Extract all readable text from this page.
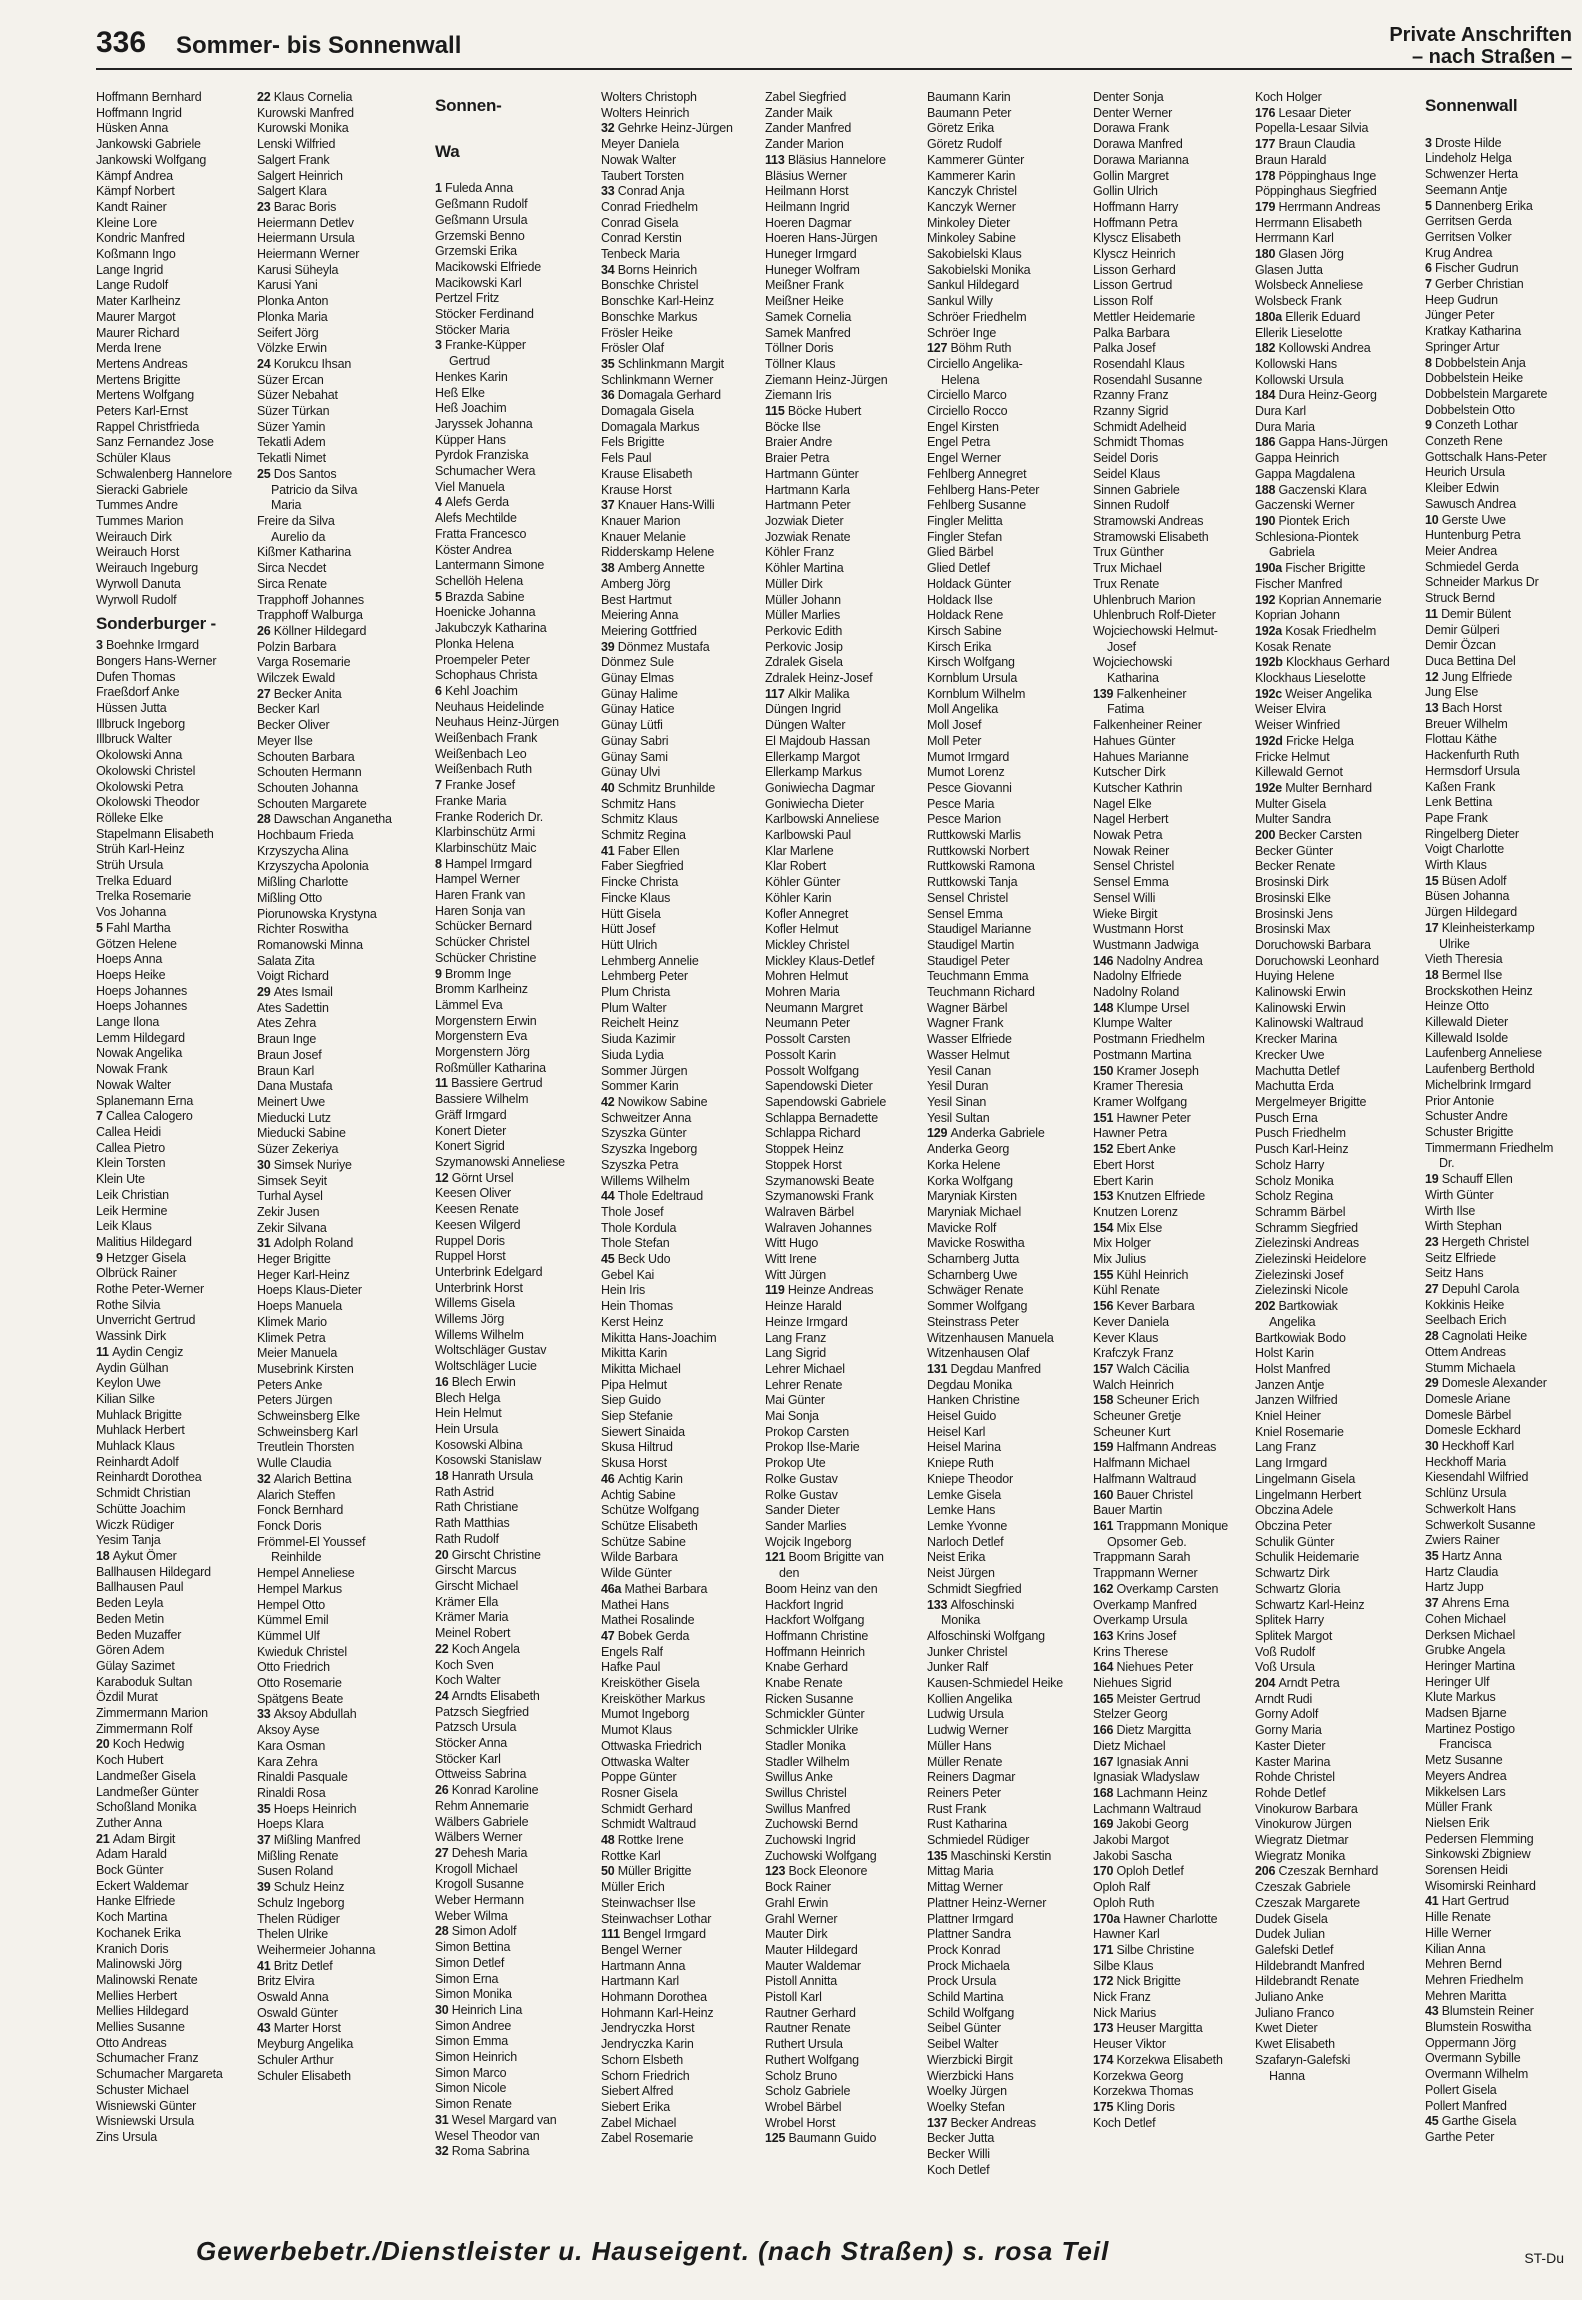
336 Sommer- bis Sonnenwall	Private Anschriften
– nach Straßen –
Hoffmann Bernhard
Hoffmann Ingrid
Hüsken Anna
Jankowski Gabriele
Jankowski Wolfgang
Kämpf Andrea
Kämpf Norbert
Kandt Rainer
Kleine Lore
Kondric Manfred
Koßmann Ingo
Lange Ingrid
Lange Rudolf
Mater Karlheinz
Maurer Margot
Maurer Richard
Merda Irene
Mertens Andreas
Mertens Brigitte
Mertens Wolfgang
Peters Karl-Ernst
Rappel Christfrieda
Sanz Fernandez Jose
Schüler Klaus
Schwalenberg Hannelore
Sieracki Gabriele
Tummes Andre
Tummes Marion
Weirauch Dirk
Weirauch Horst
Weirauch Ingeburg
Wyrwoll Danuta
Wyrwoll Rudolf
Sonderburger -
3 Boehnke Irmgard
Bongers Hans-Werner
Dufen Thomas
Fraeßdorf Anke
Hüssen Jutta
Illbruck Ingeborg
Illbruck Walter
Okolowski Anna
Okolowski Christel
Okolowski Petra
Okolowski Theodor
Rölleke Elke
Stapelmann Elisabeth
Strüh Karl-Heinz
Strüh Ursula
Trelka Eduard
Trelka Rosemarie
Vos Johanna
5 Fahl Martha
Götzen Helene
Hoeps Anna
Hoeps Heike
Hoeps Johannes
Hoeps Johannes
Lange Ilona
Lemm Hildegard
Nowak Angelika
Nowak Frank
Nowak Walter
Splanemann Erna
7 Callea Calogero
Callea Heidi
Callea Pietro
Klein Torsten
Klein Ute
Leik Christian
Leik Hermine
Leik Klaus
Malitius Hildegard
9 Hetzger Gisela
Olbrück Rainer
Rothe Peter-Werner
Rothe Silvia
Unverricht Gertrud
Wassink Dirk
11 Aydin Cengiz
Aydin Gülhan
Keylon Uwe
Kilian Silke
Muhlack Brigitte
Muhlack Herbert
Muhlack Klaus
Reinhardt Adolf
Reinhardt Dorothea
Schmidt Christian
Schütte Joachim
Wiczk Rüdiger
Yesim Tanja
18 Aykut Ömer
Ballhausen Hildegard
Ballhausen Paul
Beden Leyla
Beden Metin
Beden Muzaffer
Gören Adem
Gülay Sazimet
Karaboduk Sultan
Özdil Murat
Zimmermann Marion
Zimmermann Rolf
20 Koch Hedwig
Koch Hubert
Landmeßer Gisela
Landmeßer Günter
Schoßland Monika
Zuther Anna
21 Adam Birgit
Adam Harald
Bock Günter
Eckert Waldemar
Hanke Elfriede
Koch Martina
Kochanek Erika
Kranich Doris
Malinowski Jörg
Malinowski Renate
Mellies Herbert
Mellies Hildegard
Mellies Susanne
Otto Andreas
Schumacher Franz
Schumacher Margareta
Schuster Michael
Wisniewski Günter
Wisniewski Ursula
Zins Ursula
22 Klaus Cornelia
Kurowski Manfred
Kurowski Monika
Lenski Wilfried
Salgert Frank
Salgert Heinrich
Salgert Klara
23 Barac Boris
Heiermann Detlev
Heiermann Ursula
Heiermann Werner
Karusi Süheyla
Karusi Yani
Plonka Anton
Plonka Maria
Seifert Jörg
Völzke Erwin
24 Korukcu Ihsan
Süzer Ercan
Süzer Nebahat
Süzer Türkan
Süzer Yamin
Tekatli Adem
Tekatli Nimet
25 Dos Santos
Patricio da Silva
Maria
Freire da Silva
Aurelio da
Kißmer Katharina
Sirca Necdet
Sirca Renate
Trapphoff Johannes
Trapphoff Walburga
26 Köllner Hildegard
Polzin Barbara
Varga Rosemarie
Wilczek Ewald
27 Becker Anita
Becker Karl
Becker Oliver
Meyer Ilse
Schouten Barbara
Schouten Hermann
Schouten Johanna
Schouten Margarete
28 Dawschan Anganetha
Hochbaum Frieda
Krzyszycha Alina
Krzyszycha Apolonia
Mißling Charlotte
Mißling Otto
Piorunowska Krystyna
Richter Roswitha
Romanowski Minna
Salata Zita
Voigt Richard
29 Ates Ismail
Ates Sadettin
Ates Zehra
Braun Inge
Braun Josef
Braun Karl
Dana Mustafa
Meinert Uwe
Mieducki Lutz
Mieducki Sabine
Süzer Zekeriya
30 Simsek Nuriye
Simsek Seyit
Turhal Aysel
Zekir Jusen
Zekir Silvana
31 Adolph Roland
Heger Brigitte
Heger Karl-Heinz
Hoeps Klaus-Dieter
Hoeps Manuela
Klimek Mario
Klimek Petra
Meier Manuela
Musebrink Kirsten
Peters Anke
Peters Jürgen
Schweinsberg Elke
Schweinsberg Karl
Treutlein Thorsten
Wulle Claudia
32 Alarich Bettina
Alarich Steffen
Fonck Bernhard
Fonck Doris
Frömmel-El Youssef
Reinhilde
Hempel Anneliese
Hempel Markus
Hempel Otto
Kümmel Emil
Kümmel Ulf
Kwieduk Christel
Otto Friedrich
Otto Rosemarie
Spätgens Beate
33 Aksoy Abdullah
Aksoy Ayse
Kara Osman
Kara Zehra
Rinaldi Pasquale
Rinaldi Rosa
35 Hoeps Heinrich
Hoeps Klara
37 Mißling Manfred
Mißling Renate
Susen Roland
39 Schulz Heinz
Schulz Ingeborg
Thelen Rüdiger
Thelen Ulrike
Weihermeier Johanna
41 Britz Detlef
Britz Elvira
Oswald Anna
Oswald Günter
43 Marter Horst
Meyburg Angelika
Schuler Arthur
Schuler Elisabeth
Sonnen-

Wa

1 Fuleda Anna
Geßmann Rudolf
Geßmann Ursula
Grzemski Benno
Grzemski Erika
Macikowski Elfriede
Macikowski Karl
Pertzel Fritz
Stöcker Ferdinand
Stöcker Maria
3 Franke-Küpper
Gertrud
Henkes Karin
Heß Elke
Heß Joachim
Jaryssek Johanna
Küpper Hans
Pyrdok Franziska
Schumacher Wera
Viel Manuela
4 Alefs Gerda
Alefs Mechtilde
Fratta Francesco
Köster Andrea
Lantermann Simone
Schellöh Helena
5 Brazda Sabine
Hoenicke Johanna
Jakubczyk Katharina
Plonka Helena
Proempeler Peter
Schophaus Christa
6 Kehl Joachim
Neuhaus Heidelinde
Neuhaus Heinz-Jürgen
Weißenbach Frank
Weißenbach Leo
Weißenbach Ruth
7 Franke Josef
Franke Maria
Franke Roderich Dr.
Klarbinschütz Armi
Klarbinschütz Maic
8 Hampel Irmgard
Hampel Werner
Haren Frank van
Haren Sonja van
Schücker Bernard
Schücker Christel
Schücker Christine
9 Bromm Inge
Bromm Karlheinz
Lämmel Eva
Morgenstern Erwin
Morgenstern Eva
Morgenstern Jörg
Roßmüller Katharina
11 Bassiere Gertrud
Bassiere Wilhelm
Gräff Irmgard
Konert Dieter
Konert Sigrid
Szymanowski Anneliese
12 Görnt Ursel
Keesen Oliver
Keesen Renate
Keesen Wilgerd
Ruppel Doris
Ruppel Horst
Unterbrink Edelgard
Unterbrink Horst
Willems Gisela
Willems Jörg
Willems Wilhelm
Woltschläger Gustav
Woltschläger Lucie
16 Blech Erwin
Blech Helga
Hein Helmut
Hein Ursula
Kosowski Albina
Kosowski Stanislaw
18 Hanrath Ursula
Rath Astrid
Rath Christiane
Rath Matthias
Rath Rudolf
20 Girscht Christine
Girscht Marcus
Girscht Michael
Krämer Ella
Krämer Maria
Meinel Robert
22 Koch Angela
Koch Sven
Koch Walter
24 Arndts Elisabeth
Patzsch Siegfried
Patzsch Ursula
Stöcker Anna
Stöcker Karl
Ottweiss Sabrina
26 Konrad Karoline
Rehm Annemarie
Wälbers Gabriele
Wälbers Werner
27 Dehesh Maria
Krogoll Michael
Krogoll Susanne
Weber Hermann
Weber Wilma
28 Simon Adolf
Simon Bettina
Simon Detlef
Simon Erna
Simon Monika
30 Heinrich Lina
Simon Andree
Simon Emma
Simon Heinrich
Simon Marco
Simon Nicole
Simon Renate
31 Wesel Margard van
Wesel Theodor van
32 Roma Sabrina
Wolters Christoph
Wolters Heinrich
32 Gehrke Heinz-Jürgen
Meyer Daniela
Nowak Walter
Taubert Torsten
33 Conrad Anja
Conrad Friedhelm
Conrad Gisela
Conrad Kerstin
Tenbeck Maria
34 Borns Heinrich
Bonschke Christel
Bonschke Karl-Heinz
Bonschke Markus
Frösler Heike
Frösler Olaf
35 Schlinkmann Margit
Schlinkmann Werner
36 Domagala Gerhard
Domagala Gisela
Domagala Markus
Fels Brigitte
Fels Paul
Krause Elisabeth
Krause Horst
37 Knauer Hans-Willi
Knauer Marion
Knauer Melanie
Ridderskamp Helene
38 Amberg Annette
Amberg Jörg
Best Hartmut
Meiering Anna
Meiering Gottfried
39 Dönmez Mustafa
Dönmez Sule
Günay Elmas
Günay Halime
Günay Hatice
Günay Lütfi
Günay Sabri
Günay Sami
Günay Ulvi
40 Schmitz Brunhilde
Schmitz Hans
Schmitz Klaus
Schmitz Regina
41 Faber Ellen
Faber Siegfried
Fincke Christa
Fincke Klaus
Hütt Gisela
Hütt Josef
Hütt Ulrich
Lehmberg Annelie
Lehmberg Peter
Plum Christa
Plum Walter
Reichelt Heinz
Siuda Kazimir
Siuda Lydia
Sommer Jürgen
Sommer Karin
42 Nowikow Sabine
Schweitzer Anna
Szyszka Günter
Szyszka Ingeborg
Szyszka Petra
Willems Wilhelm
44 Thole Edeltraud
Thole Josef
Thole Kordula
Thole Stefan
45 Beck Udo
Gebel Kai
Hein Iris
Hein Thomas
Kerst Heinz
Mikitta Hans-Joachim
Mikitta Karin
Mikitta Michael
Pipa Helmut
Siep Guido
Siep Stefanie
Siewert Sinaida
Skusa Hiltrud
Skusa Horst
46 Achtig Karin
Achtig Sabine
Schütze Wolfgang
Schütze Elisabeth
Schütze Sabine
Wilde Barbara
Wilde Günter
46a Mathei Barbara
Mathei Hans
Mathei Rosalinde
47 Bobek Gerda
Engels Ralf
Hafke Paul
Kreisköther Gisela
Kreisköther Markus
Mumot Ingeborg
Mumot Klaus
Ottwaska Friedrich
Ottwaska Walter
Poppe Günter
Rosner Gisela
Schmidt Gerhard
Schmidt Waltraud
48 Rottke Irene
Rottke Karl
50 Müller Brigitte
Müller Erich
Steinwachser Ilse
Steinwachser Lothar
111 Bengel Irmgard
Bengel Werner
Hartmann Anna
Hartmann Karl
Hohmann Dorothea
Hohmann Karl-Heinz
Jendryczka Horst
Jendryczka Karin
Schorn Elsbeth
Schorn Friedrich
Siebert Alfred
Siebert Erika
Zabel Michael
Zabel Rosemarie
Zabel Siegfried
Zander Maik
Zander Manfred
Zander Marion
113 Bläsius Hannelore
Bläsius Werner
Heilmann Horst
Heilmann Ingrid
Hoeren Dagmar
Hoeren Hans-Jürgen
Huneger Irmgard
Huneger Wolfram
Meißner Frank
Meißner Heike
Samek Cornelia
Samek Manfred
Töllner Doris
Töllner Klaus
Ziemann Heinz-Jürgen
Ziemann Iris
115 Böcke Hubert
Böcke Ilse
Braier Andre
Braier Petra
Hartmann Günter
Hartmann Karla
Hartmann Peter
Jozwiak Dieter
Jozwiak Renate
Köhler Franz
Köhler Martina
Müller Dirk
Müller Johann
Müller Marlies
Perkovic Edith
Perkovic Josip
Zdralek Gisela
Zdralek Heinz-Josef
117 Alkir Malika
Düngen Ingrid
Düngen Walter
El Majdoub Hassan
Ellerkamp Margot
Ellerkamp Markus
Goniwiecha Dagmar
Goniwiecha Dieter
Karlbowski Anneliese
Karlbowski Paul
Klar Marlene
Klar Robert
Köhler Günter
Köhler Karin
Kofler Annegret
Kofler Helmut
Mickley Christel
Mickley Klaus-Detlef
Mohren Helmut
Mohren Maria
Neumann Margret
Neumann Peter
Possolt Carsten
Possolt Karin
Possolt Wolfgang
Sapendowski Dieter
Sapendowski Gabriele
Schlappa Bernadette
Schlappa Richard
Stoppek Heinz
Stoppek Horst
Szymanowski Beate
Szymanowski Frank
Walraven Bärbel
Walraven Johannes
Witt Hugo
Witt Irene
Witt Jürgen
119 Heinze Andreas
Heinze Harald
Heinze Irmgard
Lang Franz
Lang Sigrid
Lehrer Michael
Lehrer Renate
Mai Günter
Mai Sonja
Prokop Carsten
Prokop Ilse-Marie
Prokop Ute
Rolke Gustav
Rolke Gustav
Sander Dieter
Sander Marlies
Wojcik Ingeborg
121 Boom Brigitte van
den
Boom Heinz van den
Hackfort Ingrid
Hackfort Wolfgang
Hoffmann Christine
Hoffmann Heinrich
Knabe Gerhard
Knabe Renate
Ricken Susanne
Schmickler Günter
Schmickler Ulrike
Stadler Monika
Stadler Wilhelm
Swillus Anke
Swillus Christel
Swillus Manfred
Zuchowski Bernd
Zuchowski Ingrid
Zuchowski Wolfgang
123 Bock Eleonore
Bock Rainer
Grahl Erwin
Grahl Werner
Mauter Dirk
Mauter Hildegard
Mauter Waldemar
Pistoll Annitta
Pistoll Karl
Rautner Gerhard
Rautner Renate
Ruthert Ursula
Ruthert Wolfgang
Scholz Bruno
Scholz Gabriele
Wrobel Bärbel
Wrobel Horst
125 Baumann Guido
Baumann Karin
Baumann Peter
Göretz Erika
Göretz Rudolf
Kammerer Günter
Kammerer Karin
Kanczyk Christel
Kanczyk Werner
Minkoley Dieter
Minkoley Sabine
Sakobielski Klaus
Sakobielski Monika
Sankul Hildegard
Sankul Willy
Schröer Friedhelm
Schröer Inge
127 Böhm Ruth
Circiello Angelika-
Helena
Circiello Marco
Circiello Rocco
Engel Kirsten
Engel Petra
Engel Werner
Fehlberg Annegret
Fehlberg Hans-Peter
Fehlberg Susanne
Fingler Melitta
Fingler Stefan
Glied Bärbel
Glied Detlef
Holdack Günter
Holdack Ilse
Holdack Rene
Kirsch Sabine
Kirsch Erika
Kirsch Wolfgang
Kornblum Ursula
Kornblum Wilhelm
Moll Angelika
Moll Josef
Moll Peter
Mumot Irmgard
Mumot Lorenz
Pesce Giovanni
Pesce Maria
Pesce Marion
Ruttkowski Marlis
Ruttkowski Norbert
Ruttkowski Ramona
Ruttkowski Tanja
Sensel Christel
Sensel Emma
Staudigel Marianne
Staudigel Martin
Staudigel Peter
Teuchmann Emma
Teuchmann Richard
Wagner Bärbel
Wagner Frank
Wasser Elfriede
Wasser Helmut
Yesil Canan
Yesil Duran
Yesil Sinan
Yesil Sultan
129 Anderka Gabriele
Anderka Georg
Korka Helene
Korka Wolfgang
Maryniak Kirsten
Maryniak Michael
Mavicke Rolf
Mavicke Roswitha
Scharnberg Jutta
Scharnberg Uwe
Schwäger Renate
Sommer Wolfgang
Steinstrass Peter
Witzenhausen Manuela
Witzenhausen Olaf
131 Degdau Manfred
Degdau Monika
Hanken Christine
Heisel Guido
Heisel Karl
Heisel Marina
Kniepe Ruth
Kniepe Theodor
Lemke Gisela
Lemke Hans
Lemke Yvonne
Narloch Detlef
Neist Erika
Neist Jürgen
Schmidt Siegfried
133 Alfoschinski
Monika
Alfoschinski Wolfgang
Junker Christel
Junker Ralf
Kausen-Schmiedel Heike
Kollien Angelika
Ludwig Ursula
Ludwig Werner
Müller Hans
Müller Renate
Reiners Dagmar
Reiners Peter
Rust Frank
Rust Katharina
Schmiedel Rüdiger
135 Maschinski Kerstin
Mittag Maria
Mittag Werner
Plattner Heinz-Werner
Plattner Irmgard
Plattner Sandra
Prock Konrad
Prock Michaela
Prock Ursula
Schild Martina
Schild Wolfgang
Seibel Günter
Seibel Walter
Wierzbicki Birgit
Wierzbicki Hans
Woelky Jürgen
Woelky Stefan
137 Becker Andreas
Becker Jutta
Becker Willi
Koch Detlef
Denter Sonja
Denter Werner
Dorawa Frank
Dorawa Manfred
Dorawa Marianna
Gollin Margret
Gollin Ulrich
Hoffmann Harry
Hoffmann Petra
Klyscz Elisabeth
Klyscz Heinrich
Lisson Gerhard
Lisson Gertrud
Lisson Rolf
Mettler Heidemarie
Palka Barbara
Palka Josef
Rosendahl Klaus
Rosendahl Susanne
Rzanny Franz
Rzanny Sigrid
Schmidt Adelheid
Schmidt Thomas
Seidel Doris
Seidel Klaus
Sinnen Gabriele
Sinnen Rudolf
Stramowski Andreas
Stramowski Elisabeth
Trux Günther
Trux Michael
Trux Renate
Uhlenbruch Marion
Uhlenbruch Rolf-Dieter
Wojciechowski Helmut-
Josef
Wojciechowski
Katharina
139 Falkenheiner
Fatima
Falkenheiner Reiner
Hahues Günter
Hahues Marianne
Kutscher Dirk
Kutscher Kathrin
Nagel Elke
Nagel Herbert
Nowak Petra
Nowak Reiner
Sensel Christel
Sensel Emma
Sensel Willi
Wieke Birgit
Wustmann Horst
Wustmann Jadwiga
146 Nadolny Andrea
Nadolny Elfriede
Nadolny Roland
148 Klumpe Ursel
Klumpe Walter
Postmann Friedhelm
Postmann Martina
150 Kramer Joseph
Kramer Theresia
Kramer Wolfgang
151 Hawner Peter
Hawner Petra
152 Ebert Anke
Ebert Horst
Ebert Karin
153 Knutzen Elfriede
Knutzen Lorenz
154 Mix Else
Mix Holger
Mix Julius
155 Kühl Heinrich
Kühl Renate
156 Kever Barbara
Kever Daniela
Kever Klaus
Krafczyk Franz
157 Walch Cäcilia
Walch Heinrich
158 Scheuner Erich
Scheuner Gretje
Scheuner Kurt
159 Halfmann Andreas
Halfmann Michael
Halfmann Waltraud
160 Bauer Christel
Bauer Martin
161 Trappmann Monique
Opsomer Geb.
Trappmann Sarah
Trappmann Werner
162 Overkamp Carsten
Overkamp Manfred
Overkamp Ursula
163 Krins Josef
Krins Therese
164 Niehues Peter
Niehues Sigrid
165 Meister Gertrud
Stelzer Georg
166 Dietz Margitta
Dietz Michael
167 Ignasiak Anni
Ignasiak Wladyslaw
168 Lachmann Heinz
Lachmann Waltraud
169 Jakobi Georg
Jakobi Margot
Jakobi Sascha
170 Oploh Detlef
Oploh Ralf
Oploh Ruth
170a Hawner Charlotte
Hawner Karl
171 Silbe Christine
Silbe Klaus
172 Nick Brigitte
Nick Franz
Nick Marius
173 Heuser Margitta
Heuser Viktor
174 Korzekwa Elisabeth
Korzekwa Georg
Korzekwa Thomas
175 Kling Doris
Koch Detlef
Koch Holger
176 Lesaar Dieter
Popella-Lesaar Silvia
177 Braun Claudia
Braun Harald
178 Pöppinghaus Inge
Pöppinghaus Siegfried
179 Herrmann Andreas
Herrmann Elisabeth
Herrmann Karl
180 Glasen Jörg
Glasen Jutta
Wolsbeck Anneliese
Wolsbeck Frank
180a Ellerik Eduard
Ellerik Lieselotte
182 Kollowski Andrea
Kollowski Hans
Kollowski Ursula
184 Dura Heinz-Georg
Dura Karl
Dura Maria
186 Gappa Hans-Jürgen
Gappa Heinrich
Gappa Magdalena
188 Gaczenski Klara
Gaczenski Werner
190 Piontek Erich
Schlesiona-Piontek
Gabriela
190a Fischer Brigitte
Fischer Manfred
192 Koprian Annemarie
Koprian Johann
192a Kosak Friedhelm
Kosak Renate
192b Klockhaus Gerhard
Klockhaus Lieselotte
192c Weiser Angelika
Weiser Elvira
Weiser Winfried
192d Fricke Helga
Fricke Helmut
Killewald Gernot
192e Multer Bernhard
Multer Gisela
Multer Sandra
200 Becker Carsten
Becker Günter
Becker Renate
Brosinski Dirk
Brosinski Elke
Brosinski Jens
Brosinski Max
Doruchowski Barbara
Doruchowski Leonhard
Huying Helene
Kalinowski Erwin
Kalinowski Erwin
Kalinowski Waltraud
Krecker Marina
Krecker Uwe
Machutta Detlef
Machutta Erda
Mergelmeyer Brigitte
Pusch Erna
Pusch Friedhelm
Pusch Karl-Heinz
Scholz Harry
Scholz Monika
Scholz Regina
Schramm Bärbel
Schramm Siegfried
Zielezinski Andreas
Zielezinski Heidelore
Zielezinski Josef
Zielezinski Nicole
202 Bartkowiak
Angelika
Bartkowiak Bodo
Holst Karin
Holst Manfred
Janzen Antje
Janzen Wilfried
Kniel Heiner
Kniel Rosemarie
Lang Franz
Lang Irmgard
Lingelmann Gisela
Lingelmann Herbert
Obczina Adele
Obczina Peter
Schulik Günter
Schulik Heidemarie
Schwartz Dirk
Schwartz Gloria
Schwartz Karl-Heinz
Splitek Harry
Splitek Margot
Voß Rudolf
Voß Ursula
204 Arndt Petra
Arndt Rudi
Gorny Adolf
Gorny Maria
Kaster Dieter
Kaster Marina
Rohde Christel
Rohde Detlef
Vinokurow Barbara
Vinokurow Jürgen
Wiegratz Dietmar
Wiegratz Monika
206 Czeszak Bernhard
Czeszak Gabriele
Czeszak Margarete
Dudek Gisela
Dudek Julian
Galefski Detlef
Hildebrandt Manfred
Hildebrandt Renate
Juliano Anke
Juliano Franco
Kwet Dieter
Kwet Elisabeth
Szafaryn-Galefski
Hanna
Sonnenwall

3 Droste Hilde
Lindeholz Helga
Schwenzer Herta
Seemann Antje
5 Dannenberg Erika
Gerritsen Gerda
Gerritsen Volker
Krug Andrea
6 Fischer Gudrun
7 Gerber Christian
Heep Gudrun
Jünger Peter
Kratkay Katharina
Springer Artur
8 Dobbelstein Anja
Dobbelstein Heike
Dobbelstein Margarete
Dobbelstein Otto
9 Conzeth Lothar
Conzeth Rene
Gottschalk Hans-Peter
Heurich Ursula
Kleiber Edwin
Sawusch Andrea
10 Gerste Uwe
Huntenburg Petra
Meier Andrea
Schmiedel Gerda
Schneider Markus Dr
Struck Bernd
11 Demir Bülent
Demir Gülperi
Demir Özcan
Duca Bettina Del
12 Jung Elfriede
Jung Else
13 Bach Horst
Breuer Wilhelm
Flottau Käthe
Hackenfurth Ruth
Hermsdorf Ursula
Kaßen Frank
Lenk Bettina
Pape Frank
Ringelberg Dieter
Voigt Charlotte
Wirth Klaus
15 Büsen Adolf
Büsen Johanna
Jürgen Hildegard
17 Kleinheisterkamp
Ulrike
Vieth Theresia
18 Bermel Ilse
Brockskothen Heinz
Heinze Otto
Killewald Dieter
Killewald Isolde
Laufenberg Anneliese
Laufenberg Berthold
Michelbrink Irmgard
Prior Antonie
Schuster Andre
Schuster Brigitte
Timmermann Friedhelm
Dr.
19 Schauff Ellen
Wirth Günter
Wirth Ilse
Wirth Stephan
23 Hergeth Christel
Seitz Elfriede
Seitz Hans
27 Depuhl Carola
Kokkinis Heike
Seelbach Erich
28 Cagnolati Heike
Ottem Andreas
Stumm Michaela
29 Domesle Alexander
Domesle Ariane
Domesle Bärbel
Domesle Eckhard
30 Heckhoff Karl
Heckhoff Maria
Kiesendahl Wilfried
Schlünz Ursula
Schwerkolt Hans
Schwerkolt Susanne
Zwiers Rainer
35 Hartz Anna
Hartz Claudia
Hartz Jupp
37 Ahrens Erna
Cohen Michael
Derksen Michael
Grubke Angela
Heringer Martina
Heringer Ulf
Klute Markus
Madsen Bjarne
Martinez Postigo
Francisca
Metz Susanne
Meyers Andrea
Mikkelsen Lars
Müller Frank
Nielsen Erik
Pedersen Flemming
Sinkowski Zbigniew
Sorensen Heidi
Wisomirski Reinhard
41 Hart Gertrud
Hille Renate
Hille Werner
Kilian Anna
Mehren Bernd
Mehren Friedhelm
Mehren Maritta
43 Blumstein Reiner
Blumstein Roswitha
Oppermann Jörg
Overmann Sybille
Overmann Wilhelm
Pollert Gisela
Pollert Manfred
45 Garthe Gisela
Garthe Peter
Gewerbebetr./Dienstleister u. Hauseigent. (nach Straßen) s. rosa Teil	ST-Du
